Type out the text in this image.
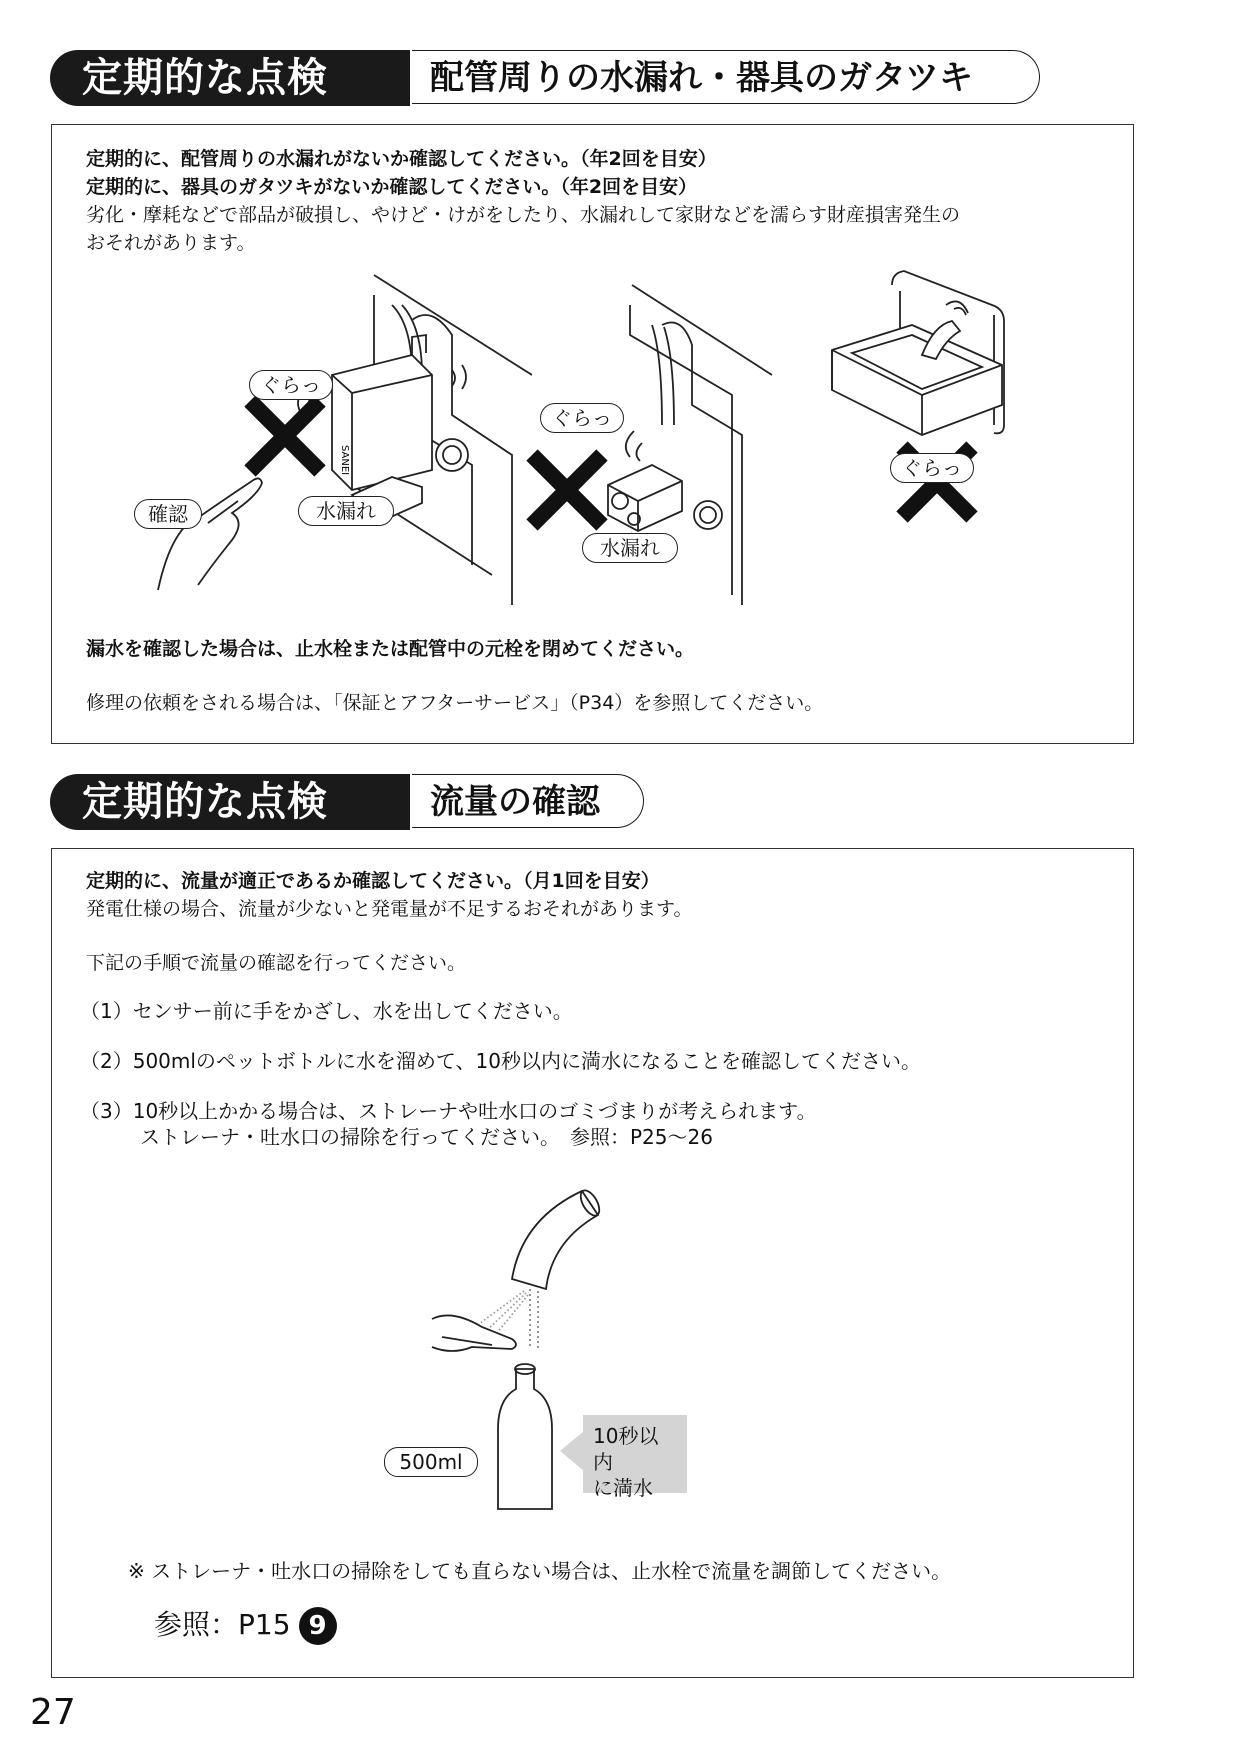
定期的な点検	配管周りの水漏れ・器具のガタツキ
定期的に、配管周りの水漏れがないか確認してください。（年2回を目安）
定期的に、器具のガタツキがないか確認してください。（年2回を目安）
劣化・摩耗などで部品が破損し、やけど・けがをしたり、水漏れして家財などを濡らす財産損害発生の
おそれがあります。
SANEI
ぐらっ
確認	水漏れ
ぐらっ
水漏れ
ぐらっ
漏水を確認した場合は、止水栓または配管中の元栓を閉めてください。
修理の依頼をされる場合は、「保証とアフターサービス」（P34）を参照してください。
定期的な点検	流量の確認
定期的に、流量が適正であるか確認してください。（月1回を目安）
発電仕様の場合、流量が少ないと発電量が不足するおそれがあります。
下記の手順で流量の確認を行ってください。
（1）センサー前に手をかざし、水を出してください。
（2）500mlのペットボトルに水を溜めて、10秒以内に満水になることを確認してください。
（3）10秒以上かかる場合は、ストレーナや吐水口のゴミづまりが考えられます。
ストレーナ・吐水口の掃除を行ってください。　参照：P25〜26
500ml
10秒以内
に満水
※ ストレーナ・吐水口の掃除をしても直らない場合は、止水栓で流量を調節してください。
参照：P15 9
27
